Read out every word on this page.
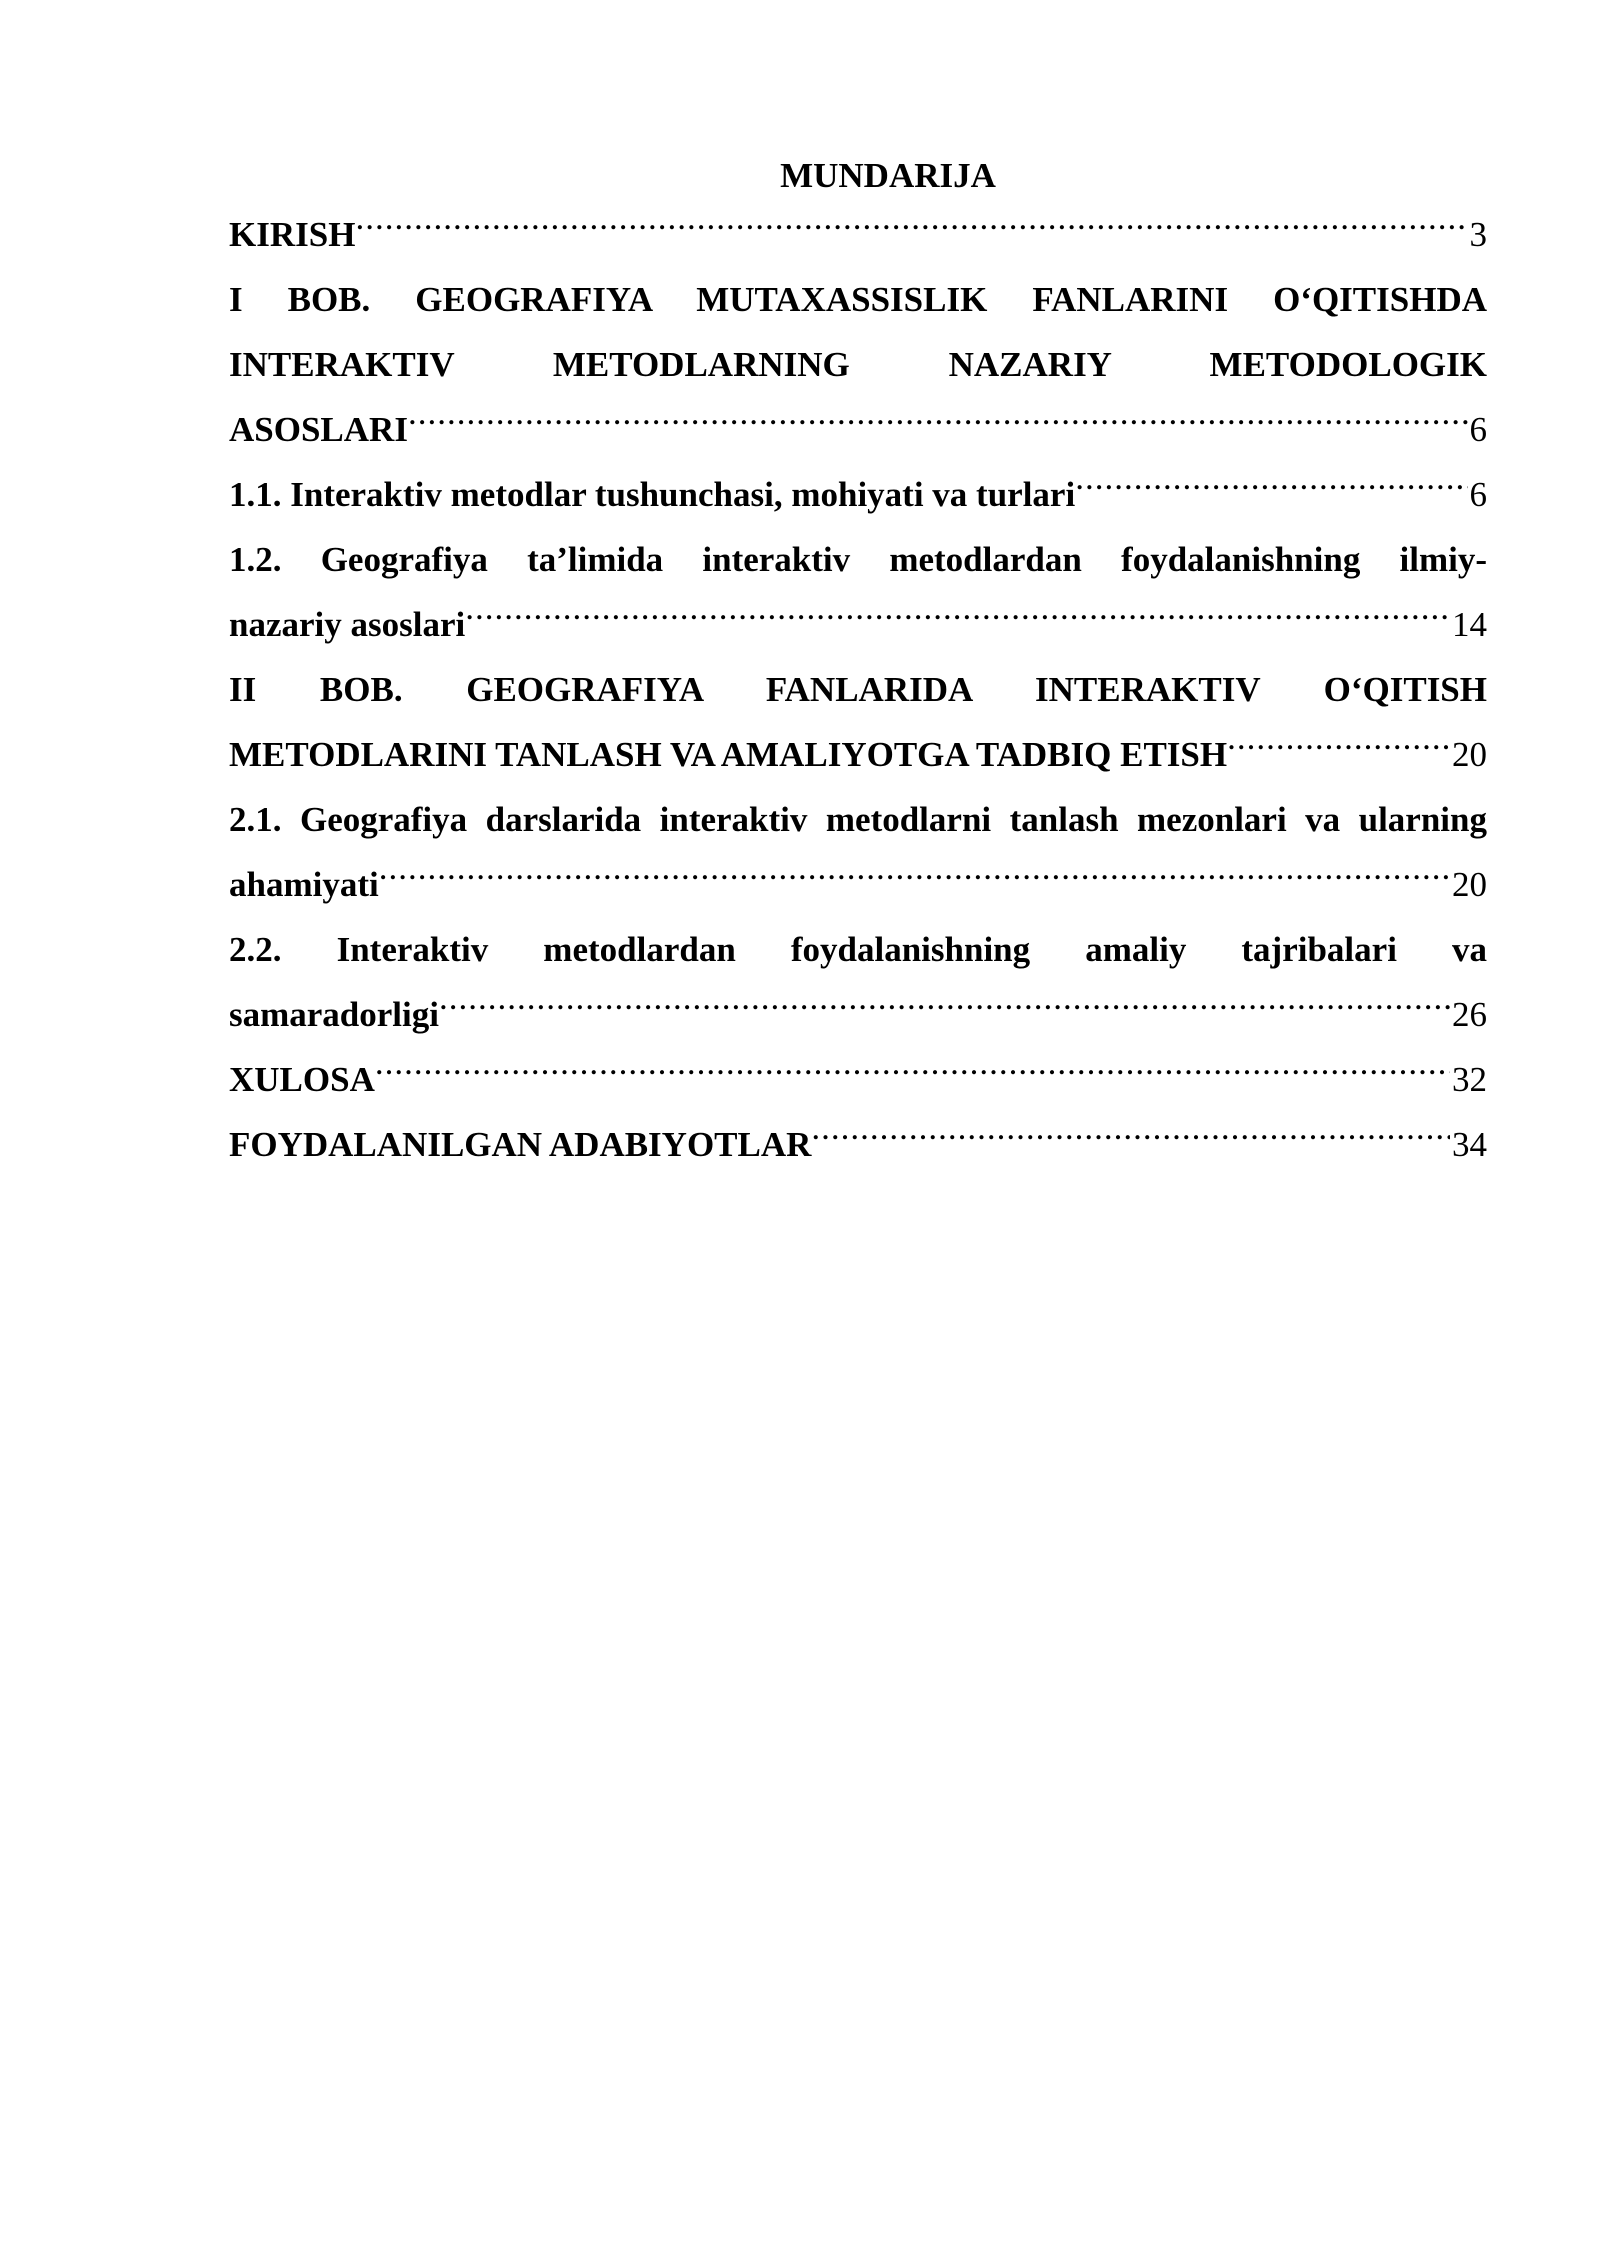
MUNDARIJA
KIRISH .....	3
I BOB. GEOGRAFIYA MUTAXASSISLIK FANLARINI O‘QITISHDA
INTERAKTIV METODLARNING NAZARIY METODOLOGIK
ASOSLARI .....	6
1.1. Interaktiv metodlar tushunchasi, mohiyati va turlari .....	6
1.2. Geografiya ta’limida interaktiv metodlardan foydalanishning ilmiy-
nazariy asoslari .....	14
II BOB. GEOGRAFIYA FANLARIDA INTERAKTIV O‘QITISH
METODLARINI TANLASH VA AMALIYOTGA TADBIQ ETISH .....	20
2.1. Geografiya darslarida interaktiv metodlarni tanlash mezonlari va ularning
ahamiyati .....	20
2.2. Interaktiv metodlardan foydalanishning amaliy tajribalari va
samaradorligi .....	26
XULOSA .....	32
FOYDALANILGAN ADABIYOTLAR .....	34
